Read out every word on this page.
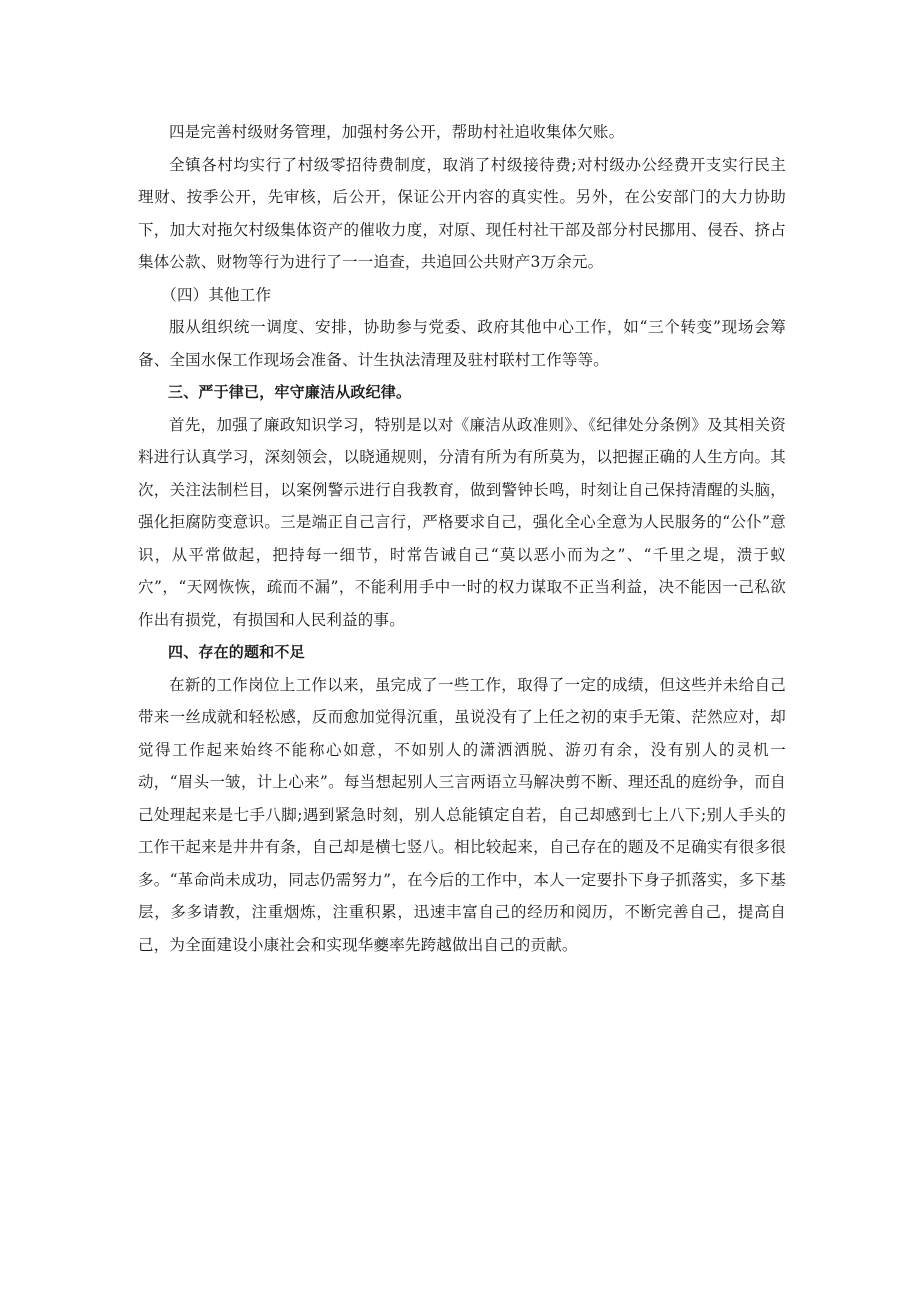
四是完善村级财务管理，加强村务公开，帮助村社追收集体欠账。

全镇各村均实行了村级零招待费制度，取消了村级接待费;对村级办公经费开支实行民主理财、按季公开，先审核，后公开，保证公开内容的真实性。另外，在公安部门的大力协助下，加大对拖欠村级集体资产的催收力度，对原、现任村社干部及部分村民挪用、侵吞、挤占集体公款、财物等行为进行了一一追查，共追回公共财产3万余元。

（四）其他工作

服从组织统一调度、安排，协助参与党委、政府其他中心工作，如“三个转变”现场会筹备、全国水保工作现场会准备、计生执法清理及驻村联村工作等等。

三、严于律已，牢守廉洁从政纪律。

首先，加强了廉政知识学习，特别是以对《廉洁从政准则》、《纪律处分条例》及其相关资料进行认真学习，深刻领会，以晓通规则，分清有所为有所莫为，以把握正确的人生方向。其次，关注法制栏目，以案例警示进行自我教育，做到警钟长鸣，时刻让自己保持清醒的头脑，强化拒腐防变意识。三是端正自己言行，严格要求自己，强化全心全意为人民服务的“公仆”意识，从平常做起，把持每一细节，时常告诫自己“莫以恶小而为之”、“千里之堤，溃于蚁穴”，“天网恢恢，疏而不漏”，不能利用手中一时的权力谋取不正当利益，决不能因一己私欲作出有损党，有损国和人民利益的事。

四、存在的题和不足

在新的工作岗位上工作以来，虽完成了一些工作，取得了一定的成绩，但这些并未给自己带来一丝成就和轻松感，反而愈加觉得沉重，虽说没有了上任之初的束手无策、茫然应对，却觉得工作起来始终不能称心如意，不如别人的潇洒洒脱、游刃有余，没有别人的灵机一动，“眉头一皱，计上心来”。每当想起别人三言两语立马解决剪不断、理还乱的庭纷争，而自己处理起来是七手八脚;遇到紧急时刻，别人总能镇定自若，自己却感到七上八下;别人手头的工作干起来是井井有条，自己却是横七竖八。相比较起来，自己存在的题及不足确实有很多很多。“革命尚未成功，同志仍需努力”，在今后的工作中，本人一定要扑下身子抓落实，多下基层，多多请教，注重烟炼，注重积累，迅速丰富自己的经历和阅历，不断完善自己，提高自己，为全面建设小康社会和实现华夔率先跨越做出自己的贡献。
